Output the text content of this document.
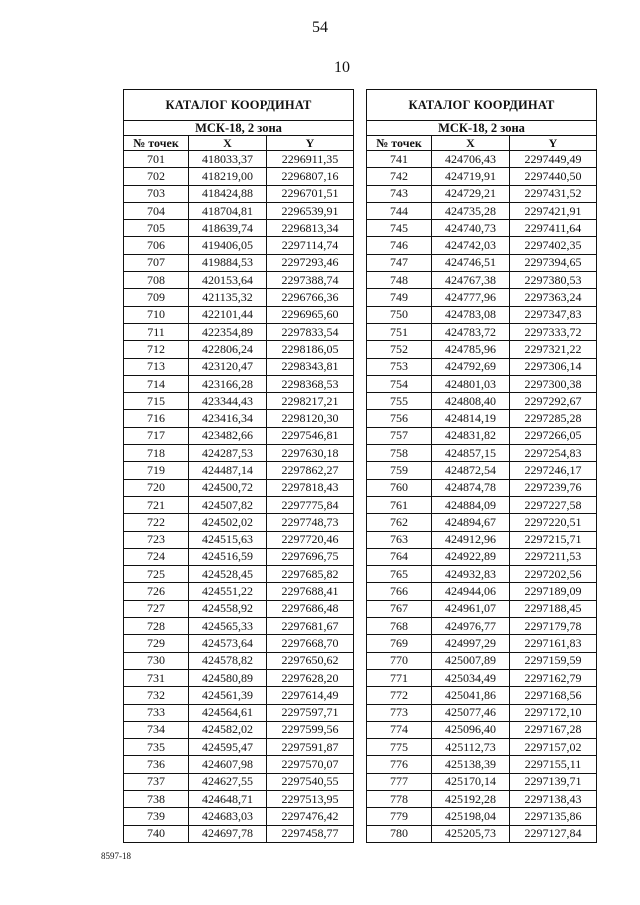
54
10
КАТАЛОГ КООРДИНАТ		
МСК-18, 2 зона		
№ точек	X	Y
701	418033,37	2296911,35
702	418219,00	2296807,16
703	418424,88	2296701,51
704	418704,81	2296539,91
705	418639,74	2296813,34
706	419406,05	2297114,74
707	419884,53	2297293,46
708	420153,64	2297388,74
709	421135,32	2296766,36
710	422101,44	2296965,60
711	422354,89	2297833,54
712	422806,24	2298186,05
713	423120,47	2298343,81
714	423166,28	2298368,53
715	423344,43	2298217,21
716	423416,34	2298120,30
717	423482,66	2297546,81
718	424287,53	2297630,18
719	424487,14	2297862,27
720	424500,72	2297818,43
721	424507,82	2297775,84
722	424502,02	2297748,73
723	424515,63	2297720,46
724	424516,59	2297696,75
725	424528,45	2297685,82
726	424551,22	2297688,41
727	424558,92	2297686,48
728	424565,33	2297681,67
729	424573,64	2297668,70
730	424578,82	2297650,62
731	424580,89	2297628,20
732	424561,39	2297614,49
733	424564,61	2297597,71
734	424582,02	2297599,56
735	424595,47	2297591,87
736	424607,98	2297570,07
737	424627,55	2297540,55
738	424648,71	2297513,95
739	424683,03	2297476,42
740	424697,78	2297458,77
КАТАЛОГ КООРДИНАТ		
МСК-18, 2 зона		
№ точек	X	Y
741	424706,43	2297449,49
742	424719,91	2297440,50
743	424729,21	2297431,52
744	424735,28	2297421,91
745	424740,73	2297411,64
746	424742,03	2297402,35
747	424746,51	2297394,65
748	424767,38	2297380,53
749	424777,96	2297363,24
750	424783,08	2297347,83
751	424783,72	2297333,72
752	424785,96	2297321,22
753	424792,69	2297306,14
754	424801,03	2297300,38
755	424808,40	2297292,67
756	424814,19	2297285,28
757	424831,82	2297266,05
758	424857,15	2297254,83
759	424872,54	2297246,17
760	424874,78	2297239,76
761	424884,09	2297227,58
762	424894,67	2297220,51
763	424912,96	2297215,71
764	424922,89	2297211,53
765	424932,83	2297202,56
766	424944,06	2297189,09
767	424961,07	2297188,45
768	424976,77	2297179,78
769	424997,29	2297161,83
770	425007,89	2297159,59
771	425034,49	2297162,79
772	425041,86	2297168,56
773	425077,46	2297172,10
774	425096,40	2297167,28
775	425112,73	2297157,02
776	425138,39	2297155,11
777	425170,14	2297139,71
778	425192,28	2297138,43
779	425198,04	2297135,86
780	425205,73	2297127,84
8597-18
